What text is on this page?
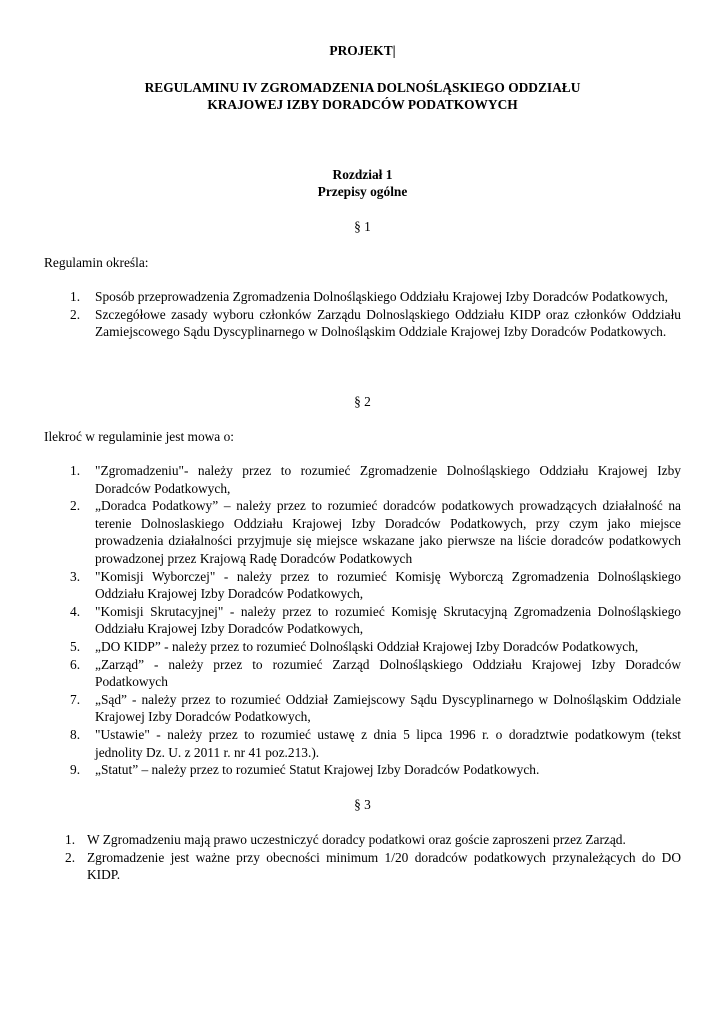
PROJEKT|
REGULAMINU IV ZGROMADZENIA DOLNOŚLĄSKIEGO ODDZIAŁU
KRAJOWEJ IZBY DORADCÓW PODATKOWYCH
Rozdział 1
Przepisy ogólne
§ 1
Regulamin określa:
1. Sposób przeprowadzenia Zgromadzenia Dolnośląskiego Oddziału Krajowej Izby Doradców Podatkowych,
2. Szczegółowe zasady wyboru członków Zarządu Dolnosląskiego Oddziału KIDP oraz członków Oddziału Zamiejscowego Sądu Dyscyplinarnego w Dolnośląskim Oddziale Krajowej Izby Doradców Podatkowych.
§ 2
Ilekroć w regulaminie jest mowa o:
1. "Zgromadzeniu"- należy przez to rozumieć Zgromadzenie Dolnośląskiego Oddziału Krajowej Izby Doradców Podatkowych,
2. „Doradca Podatkowy” – należy przez to rozumieć doradców podatkowych prowadzących działalność na terenie Dolnoslaskiego Oddziału Krajowej Izby Doradców Podatkowych, przy czym jako miejsce prowadzenia działalności przyjmuje się miejsce wskazane jako pierwsze na liście doradców podatkowych prowadzonej przez Krajową Radę Doradców Podatkowych
3. "Komisji Wyborczej" - należy przez to rozumieć Komisję Wyborczą Zgromadzenia Dolnośląskiego Oddziału Krajowej Izby Doradców Podatkowych,
4. "Komisji Skrutacyjnej" - należy przez to rozumieć Komisję Skrutacyjną Zgromadzenia Dolnośląskiego Oddziału Krajowej Izby Doradców Podatkowych,
5. „DO KIDP” - należy przez to rozumieć Dolnośląski Oddział Krajowej Izby Doradców Podatkowych,
6. „Zarząd” - należy przez to rozumieć Zarząd Dolnośląskiego Oddziału Krajowej Izby Doradców Podatkowych
7. „Sąd” - należy przez to rozumieć Oddział Zamiejscowy Sądu Dyscyplinarnego w Dolnośląskim Oddziale Krajowej Izby Doradców Podatkowych,
8. "Ustawie" - należy przez to rozumieć ustawę z dnia 5 lipca 1996 r. o doradztwie podatkowym (tekst jednolity Dz. U. z 2011 r. nr 41 poz.213.).
9. „Statut” – należy przez to rozumieć Statut Krajowej Izby Doradców Podatkowych.
§ 3
1. W Zgromadzeniu mają prawo uczestniczyć doradcy podatkowi oraz goście zaproszeni przez Zarząd.
2. Zgromadzenie jest ważne przy obecności minimum 1/20 doradców podatkowych przynależących do DO KIDP.
